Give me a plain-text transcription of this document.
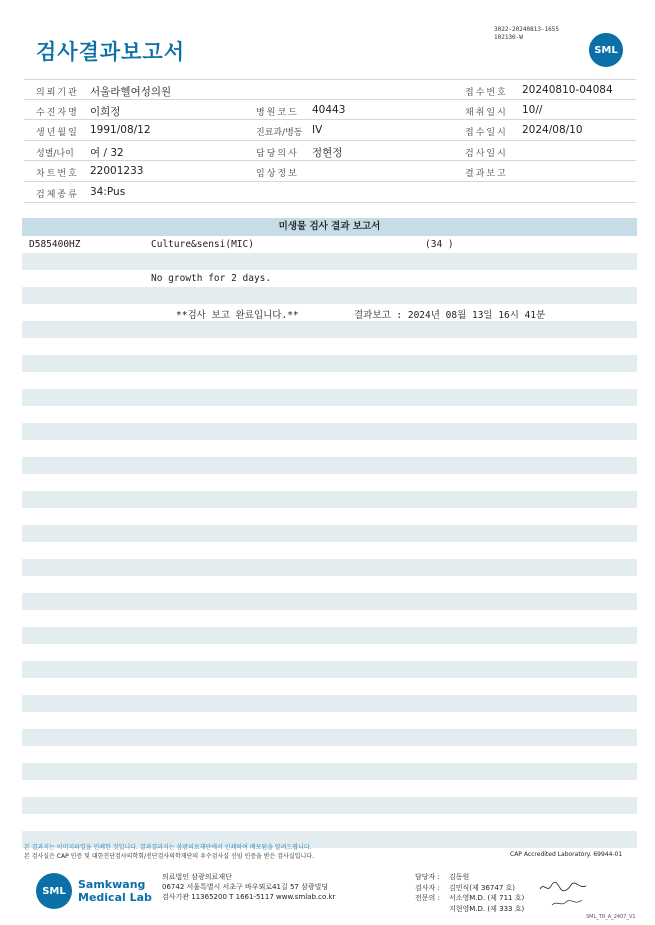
검사결과보고서
3022-20240813-1655
102130-W
SML
의뢰기관 서울라헬여성의원	접수번호 20240810-04084
수진자명 이희정	병원코드 40443	채취일시 10//
생년월일 1991/08/12	진료과/병동 IV	접수일시 2024/08/10
성별/나이 여 / 32	담당의사 정현정	검사일시
차트번호 22001233	임상정보	결과보고
검체종류 34:Pus
미생물 검사 결과 보고서
D585400HZ	Culture&sensi(MIC)	(34 )
No growth for 2 days.
**검사 보고 완료입니다.**	결과보고 : 2024년 08월 13일 16시 41분
본 결과지는 이미지파일을 인쇄한 것입니다. 결과결과지는 삼광의료재단에서 인쇄하여 배포됨을 알려드립니다.
본 검사실은 CAP 인증 및 대한진단검사의학회/진단검사의학재단의 우수검사실 신임 인증을 받은 검사실입니다.	CAP Accredited Laboratory. 69944-01
SML	Samkwang
Medical Lab
의료법인 삼광의료재단
06742 서울특별시 서초구 바우뫼로41길 57 삼광빌딩
검사기관 11365200 T 1661-5117 www.smlab.co.kr
담당자 : 김동원
검사자 : 김민식(제 36747 호)
전문의 : 서소영M.D. (제 711 호)
지현영M.D. (제 333 호)
SML_TR_A_2407_V1
